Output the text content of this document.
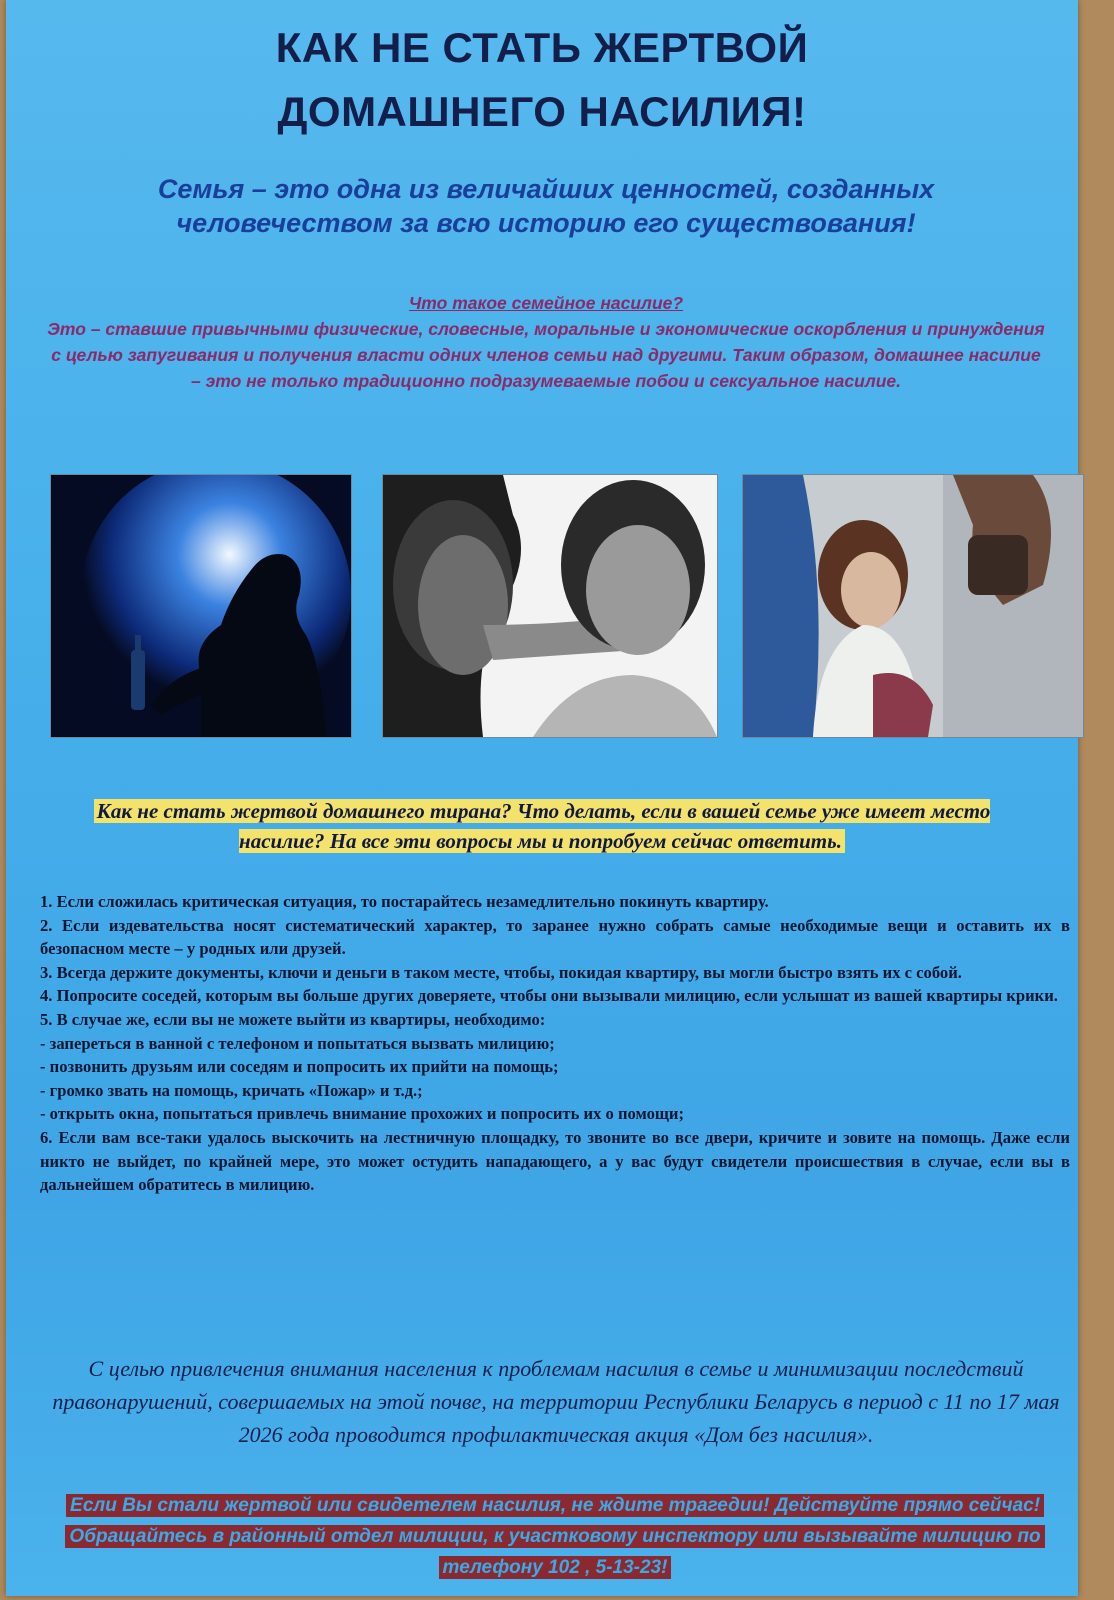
КАК НЕ СТАТЬ ЖЕРТВОЙ
ДОМАШНЕГО НАСИЛИЯ!
Семья – это одна из величайших ценностей, созданных человечеством за всю историю его существования!
Что такое семейное насилие?
Это – ставшие привычными физические, словесные, моральные и экономические оскорбления и принуждения с целью запугивания и получения власти одних членов семьи над другими. Таким образом, домашнее насилие – это не только традиционно подразумеваемые побои и сексуальное насилие.
Как не стать жертвой домашнего тирана? Что делать, если в вашей семье уже имеет место насилие? На все эти вопросы мы и попробуем сейчас ответить.

1. Если сложилась критическая ситуация, то постарайтесь незамедлительно покинуть квартиру.

2. Если издевательства носят систематический характер, то заранее нужно собрать самые необходимые вещи и оставить их в безопасном месте – у родных или друзей.

3. Всегда держите документы, ключи и деньги в таком месте, чтобы, покидая квартиру, вы могли быстро взять их с собой.

4. Попросите соседей, которым вы больше других доверяете, чтобы они вызывали милицию, если услышат из вашей квартиры крики.

5. В случае же, если вы не можете выйти из квартиры, необходимо:

- запереться в ванной с телефоном и попытаться вызвать милицию;

- позвонить друзьям или соседям и попросить их прийти на помощь;

- громко звать на помощь, кричать «Пожар» и т.д.;

- открыть окна, попытаться привлечь внимание прохожих и попросить их о помощи;

6. Если вам все-таки удалось выскочить на лестничную площадку, то звоните во все двери, кричите и зовите на помощь. Даже если никто не выйдет, по крайней мере, это может остудить нападающего, а у вас будут свидетели происшествия в случае, если вы в дальнейшем обратитесь в милицию.

С целью привлечения внимания населения к проблемам насилия в семье и минимизации последствий правонарушений, совершаемых на этой почве, на территории Республики Беларусь в период с 11 по 17 мая 2026 года проводится профилактическая акция «Дом без насилия».
Если Вы стали жертвой или свидетелем насилия, не ждите трагедии! Действуйте прямо сейчас! Обращайтесь в районный отдел милиции, к участковому инспектору или вызывайте милицию по телефону 102 , 5-13-23!
